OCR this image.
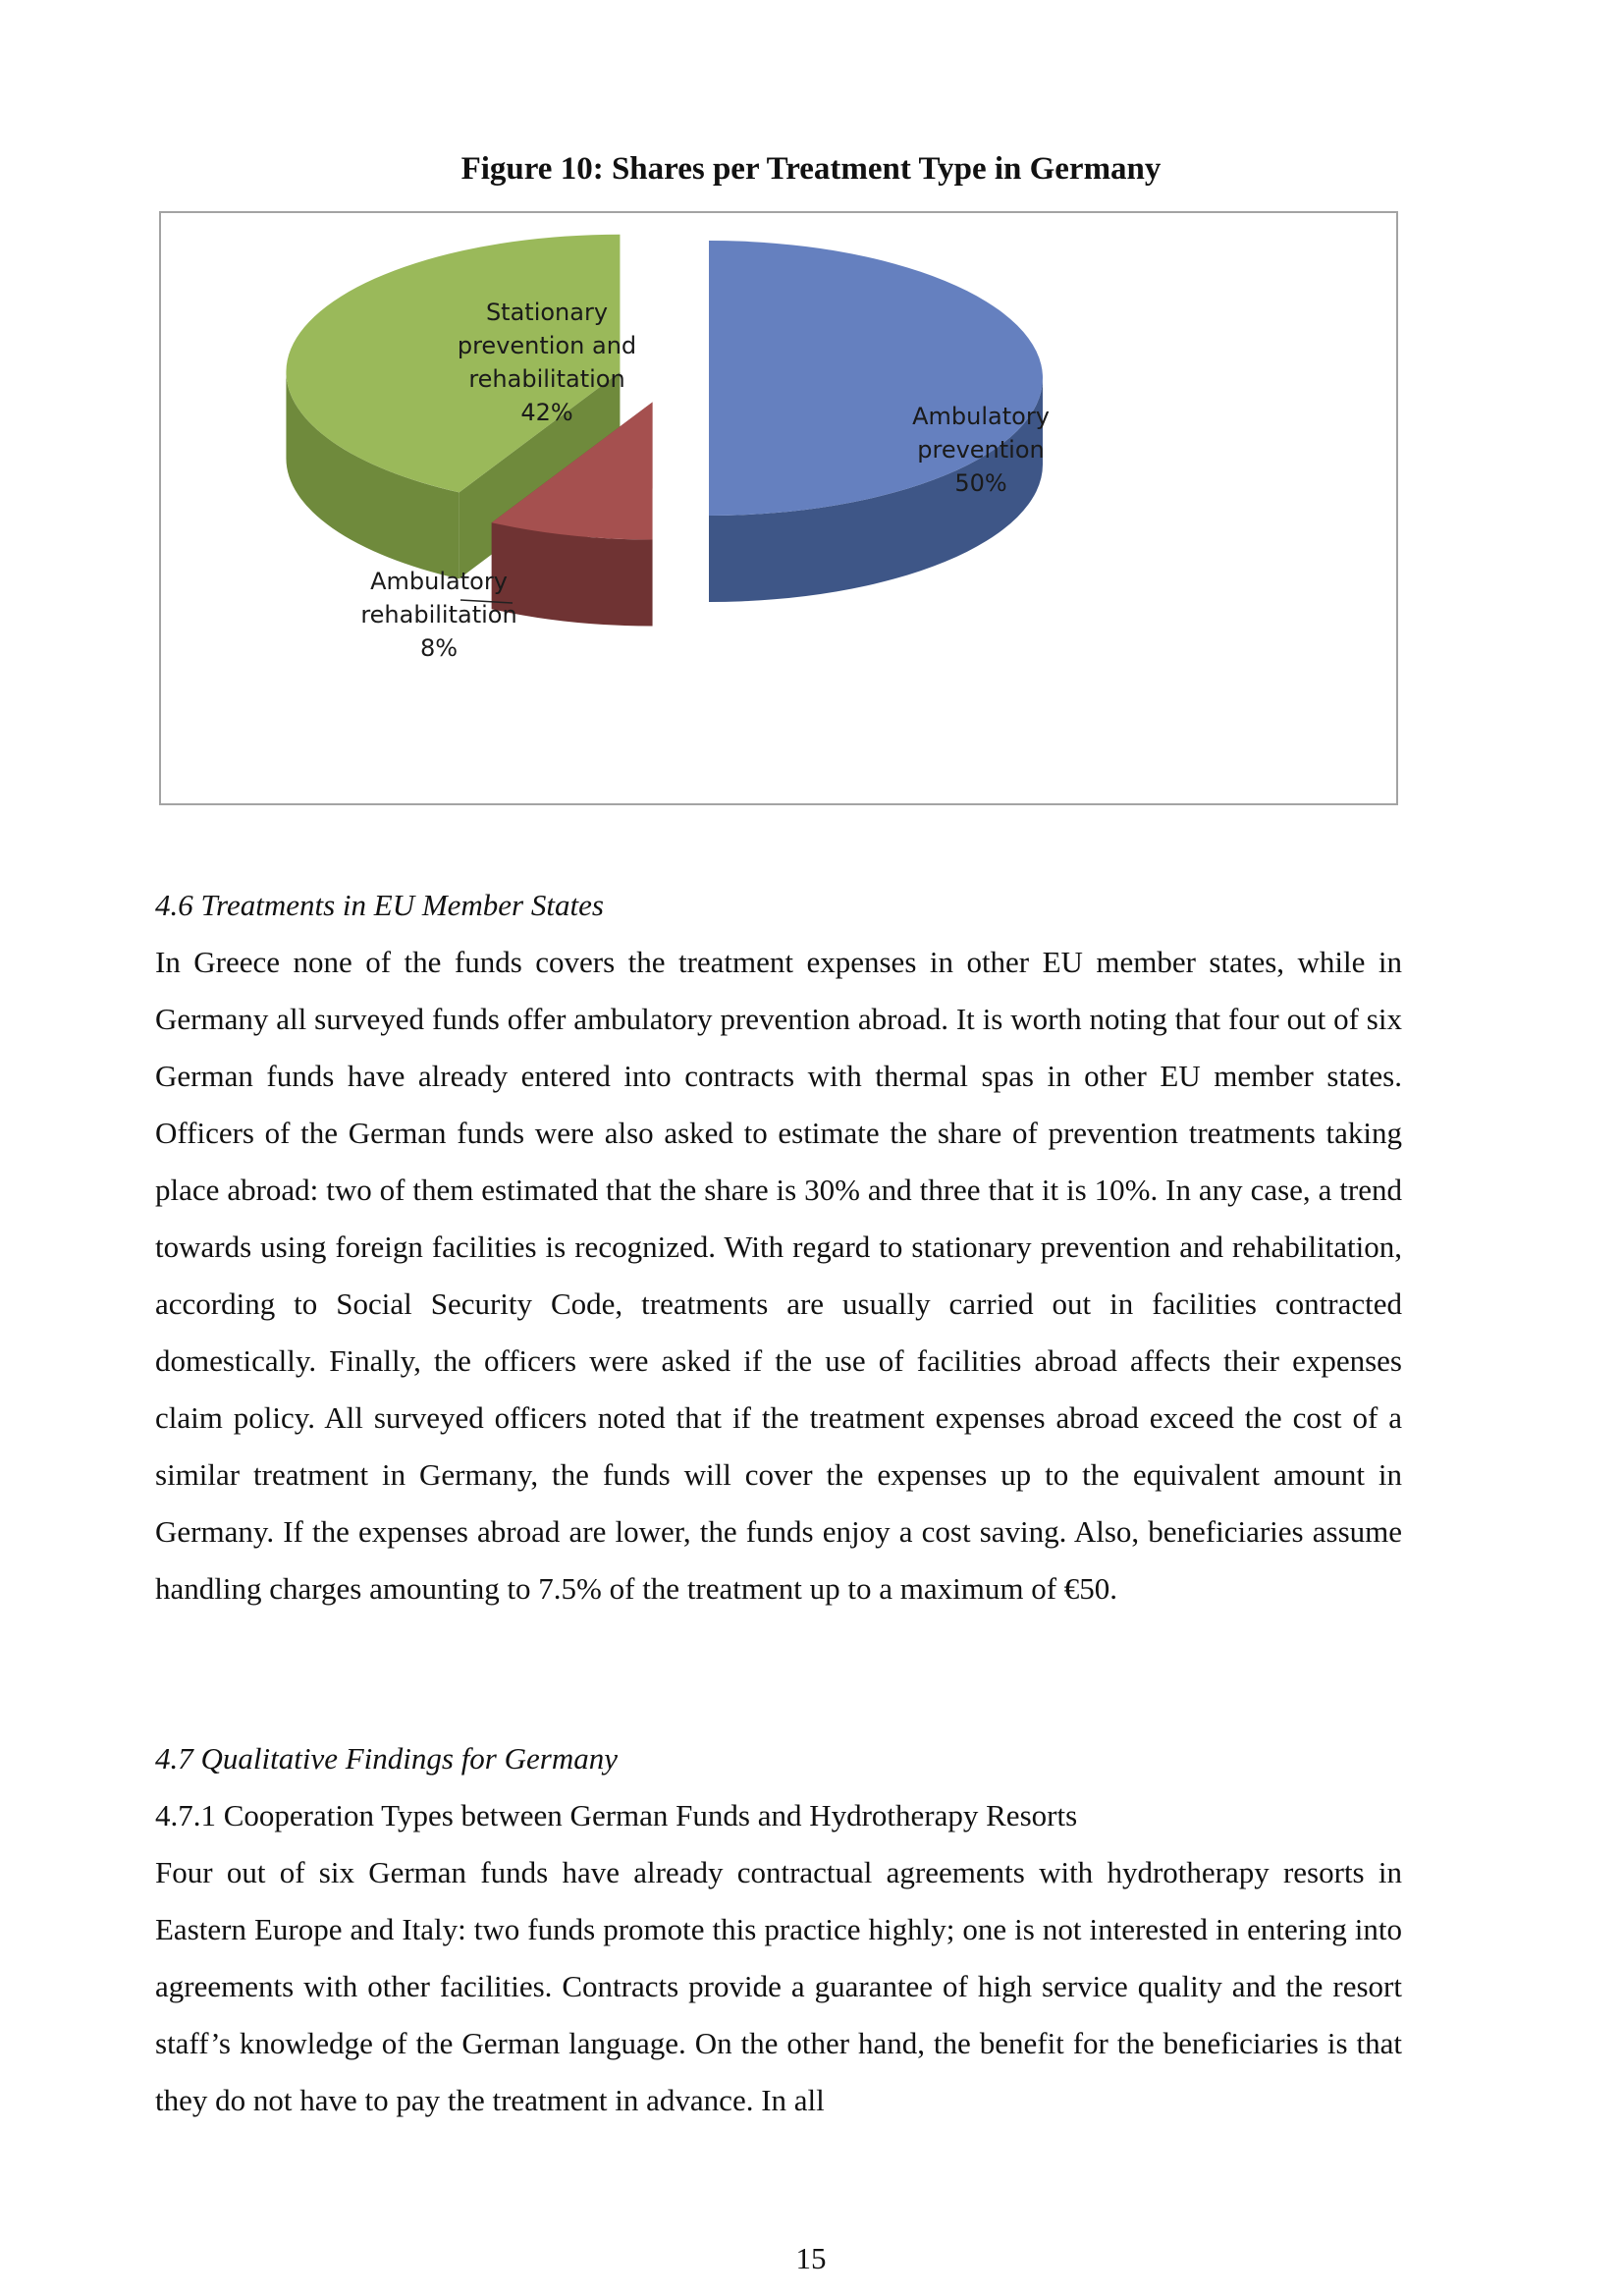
Figure 10: Shares per Treatment Type in Germany
Ambulatory prevention 50%
Ambulatory rehabilitation 8%
Stationary prevention and rehabilitation 42%
4.6 Treatments in EU Member States
In Greece none of the funds covers the treatment expenses in other EU member states, while in Germany all surveyed funds offer ambulatory prevention abroad. It is worth noting that four out of six German funds have already entered into contracts with thermal spas in other EU member states. Officers of the German funds were also asked to estimate the share of prevention treatments taking place abroad: two of them estimated that the share is 30% and three that it is 10%. In any case, a trend towards using foreign facilities is recognized. With regard to stationary prevention and rehabilitation, according to Social Security Code, treatments are usually carried out in facilities contracted domestically. Finally, the officers were asked if the use of facilities abroad affects their expenses claim policy. All surveyed officers noted that if the treatment expenses abroad exceed the cost of a similar treatment in Germany, the funds will cover the expenses up to the equivalent amount in Germany. If the expenses abroad are lower, the funds enjoy a cost saving. Also, beneficiaries assume handling charges amounting to 7.5% of the treatment up to a maximum of €50.
4.7 Qualitative Findings for Germany
4.7.1 Cooperation Types between German Funds and Hydrotherapy Resorts
Four out of six German funds have already contractual agreements with hydrotherapy resorts in Eastern Europe and Italy: two funds promote this practice highly; one is not interested in entering into agreements with other facilities. Contracts provide a guarantee of high service quality and the resort staff’s knowledge of the German language. On the other hand, the benefit for the beneficiaries is that they do not have to pay the treatment in advance. In all
15
